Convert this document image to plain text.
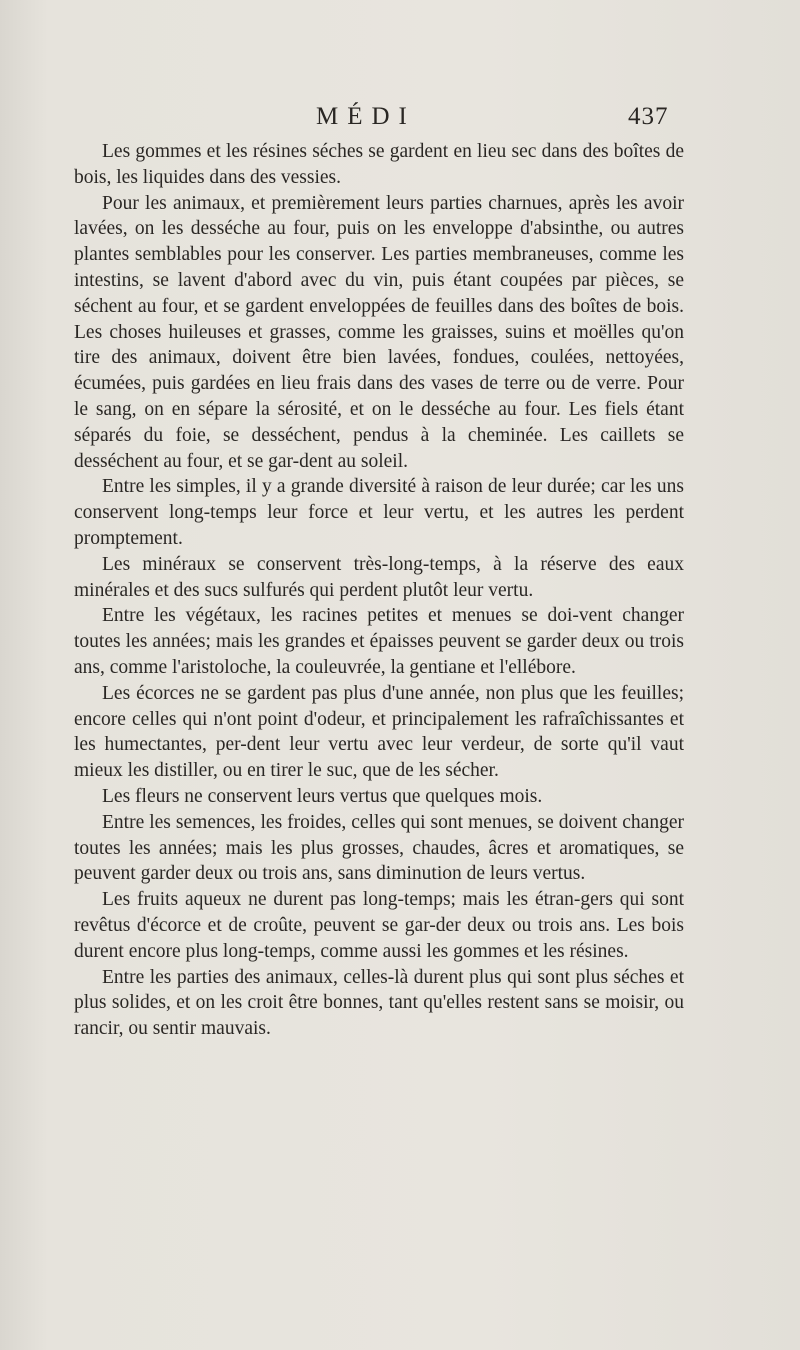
MÉDI	437

Les gommes et les résines séches se gardent en lieu sec dans des boîtes de bois, les liquides dans des vessies.

Pour les animaux, et premièrement leurs parties charnues, après les avoir lavées, on les desséche au four, puis on les enveloppe d'absinthe, ou autres plantes semblables pour les conserver. Les parties membraneuses, comme les intestins, se lavent d'abord avec du vin, puis étant coupées par pièces, se séchent au four, et se gardent enveloppées de feuilles dans des boîtes de bois. Les choses huileuses et grasses, comme les graisses, suins et moëlles qu'on tire des animaux, doivent être bien lavées, fondues, coulées, nettoyées, écumées, puis gardées en lieu frais dans des vases de terre ou de verre. Pour le sang, on en sépare la sérosité, et on le desséche au four. Les fiels étant séparés du foie, se desséchent, pendus à la cheminée. Les caillets se desséchent au four, et se gar-dent au soleil.

Entre les simples, il y a grande diversité à raison de leur durée; car les uns conservent long-temps leur force et leur vertu, et les autres les perdent promptement.

Les minéraux se conservent très-long-temps, à la réserve des eaux minérales et des sucs sulfurés qui perdent plutôt leur vertu.

Entre les végétaux, les racines petites et menues se doi-vent changer toutes les années; mais les grandes et épaisses peuvent se garder deux ou trois ans, comme l'aristoloche, la couleuvrée, la gentiane et l'ellébore.

Les écorces ne se gardent pas plus d'une année, non plus que les feuilles; encore celles qui n'ont point d'odeur, et principalement les rafraîchissantes et les humectantes, per-dent leur vertu avec leur verdeur, de sorte qu'il vaut mieux les distiller, ou en tirer le suc, que de les sécher.

Les fleurs ne conservent leurs vertus que quelques mois.

Entre les semences, les froides, celles qui sont menues, se doivent changer toutes les années; mais les plus grosses, chaudes, âcres et aromatiques, se peuvent garder deux ou trois ans, sans diminution de leurs vertus.

Les fruits aqueux ne durent pas long-temps; mais les étran-gers qui sont revêtus d'écorce et de croûte, peuvent se gar-der deux ou trois ans. Les bois durent encore plus long-temps, comme aussi les gommes et les résines.

Entre les parties des animaux, celles-là durent plus qui sont plus séches et plus solides, et on les croit être bonnes, tant qu'elles restent sans se moisir, ou rancir, ou sentir mauvais.
